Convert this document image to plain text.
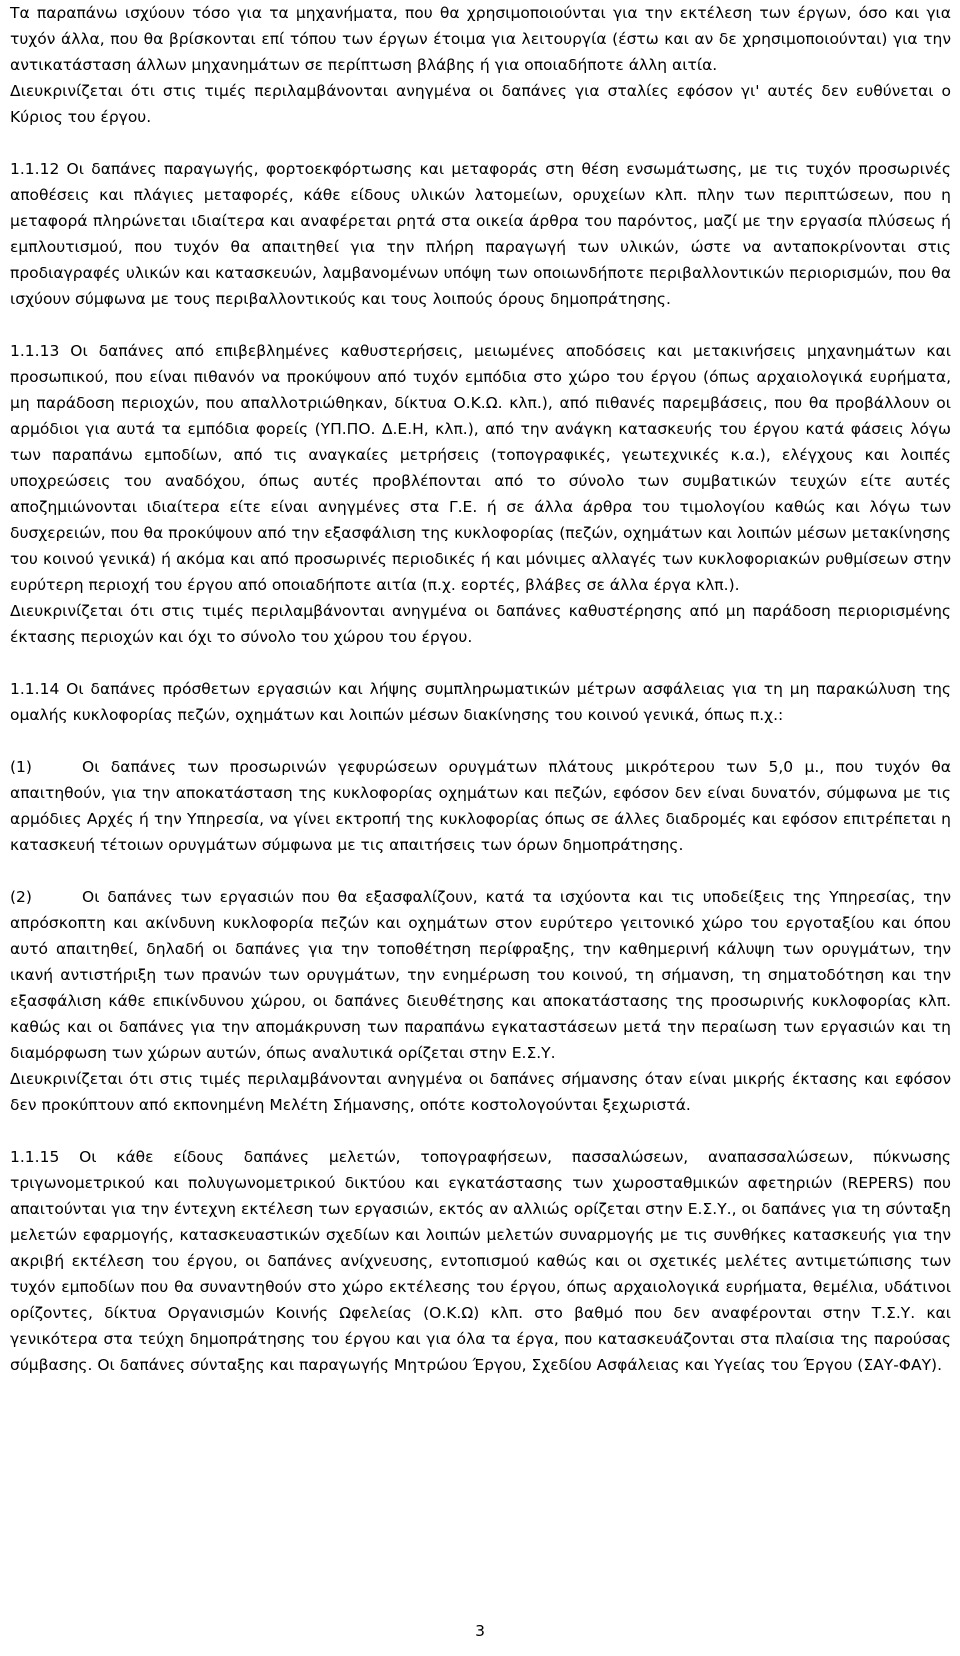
Τα παραπάνω ισχύουν τόσο για τα μηχανήματα, που θα χρησιμοποιούνται για την εκτέλεση των έργων, όσο και για τυχόν άλλα, που θα βρίσκονται επί τόπου των έργων έτοιμα για λειτουργία (έστω και αν δε χρησιμοποιούνται) για την αντικατάσταση άλλων μηχανημάτων σε περίπτωση βλάβης ή για οποιαδήποτε άλλη αιτία.

Διευκρινίζεται ότι στις τιμές περιλαμβάνονται ανηγμένα οι δαπάνες για σταλίες εφόσον γι' αυτές δεν ευθύνεται ο Κύριος του έργου.

1.1.12 Οι δαπάνες παραγωγής, φορτοεκφόρτωσης και μεταφοράς στη θέση ενσωμάτωσης, με τις τυχόν προσωρινές αποθέσεις και πλάγιες μεταφορές, κάθε είδους υλικών λατομείων, ορυχείων κλπ. πλην των περιπτώσεων, που η μεταφορά πληρώνεται ιδιαίτερα και αναφέρεται ρητά στα οικεία άρθρα του παρόντος, μαζί με την εργασία πλύσεως ή εμπλουτισμού, που τυχόν θα απαιτηθεί για την πλήρη παραγωγή των υλικών, ώστε να ανταποκρίνονται στις προδιαγραφές υλικών και κατασκευών, λαμβανομένων υπόψη των οποιωνδήποτε περιβαλλοντικών περιορισμών, που θα ισχύουν σύμφωνα με τους περιβαλλοντικούς και τους λοιπούς όρους δημοπράτησης.

1.1.13 Οι δαπάνες από επιβεβλημένες καθυστερήσεις, μειωμένες αποδόσεις και μετακινήσεις μηχανημάτων και προσωπικού, που είναι πιθανόν να προκύψουν από τυχόν εμπόδια στο χώρο του έργου (όπως αρχαιολογικά ευρήματα, μη παράδοση περιοχών, που απαλλοτριώθηκαν, δίκτυα Ο.Κ.Ω. κλπ.), από πιθανές παρεμβάσεις, που θα προβάλλουν οι αρμόδιοι για αυτά τα εμπόδια φορείς (ΥΠ.ΠΟ. Δ.Ε.Η, κλπ.), από την ανάγκη κατασκευής του έργου κατά φάσεις λόγω των παραπάνω εμποδίων, από τις αναγκαίες μετρήσεις (τοπογραφικές, γεωτεχνικές κ.α.), ελέγχους και λοιπές υποχρεώσεις του αναδόχου, όπως αυτές προβλέπονται από το σύνολο των συμβατικών τευχών είτε αυτές αποζημιώνονται ιδιαίτερα είτε είναι ανηγμένες στα Γ.Ε. ή σε άλλα άρθρα του τιμολογίου καθώς και λόγω των δυσχερειών, που θα προκύψουν από την εξασφάλιση της κυκλοφορίας (πεζών, οχημάτων και λοιπών μέσων μετακίνησης του κοινού γενικά) ή ακόμα και από προσωρινές περιοδικές ή και μόνιμες αλλαγές των κυκλοφοριακών ρυθμίσεων στην ευρύτερη περιοχή του έργου από οποιαδήποτε αιτία (π.χ. εορτές, βλάβες σε άλλα έργα κλπ.).

Διευκρινίζεται ότι στις τιμές περιλαμβάνονται ανηγμένα οι δαπάνες καθυστέρησης από μη παράδοση περιορισμένης έκτασης περιοχών και όχι το σύνολο του χώρου του έργου.

1.1.14 Οι δαπάνες πρόσθετων εργασιών και λήψης συμπληρωματικών μέτρων ασφάλειας για τη μη παρακώλυση της ομαλής κυκλοφορίας πεζών, οχημάτων και λοιπών μέσων διακίνησης του κοινού γενικά, όπως π.χ.:

(1)	Οι δαπάνες των προσωρινών γεφυρώσεων ορυγμάτων πλάτους μικρότερου των 5,0 μ., που τυχόν θα απαιτηθούν, για την αποκατάσταση της κυκλοφορίας οχημάτων και πεζών, εφόσον δεν είναι δυνατόν, σύμφωνα με τις αρμόδιες Αρχές ή την Υπηρεσία, να γίνει εκτροπή της κυκλοφορίας όπως σε άλλες διαδρομές και εφόσον επιτρέπεται η κατασκευή τέτοιων ορυγμάτων σύμφωνα με τις απαιτήσεις των όρων δημοπράτησης.

(2)	Οι δαπάνες των εργασιών που θα εξασφαλίζουν, κατά τα ισχύοντα και τις υποδείξεις της Υπηρεσίας, την απρόσκοπτη και ακίνδυνη κυκλοφορία πεζών και οχημάτων στον ευρύτερο γειτονικό χώρο του εργοταξίου και όπου αυτό απαιτηθεί, δηλαδή οι δαπάνες για την τοποθέτηση περίφραξης, την καθημερινή κάλυψη των ορυγμάτων, την ικανή αντιστήριξη των πρανών των ορυγμάτων, την ενημέρωση του κοινού, τη σήμανση, τη σηματοδότηση και την εξασφάλιση κάθε επικίνδυνου χώρου, οι δαπάνες διευθέτησης και αποκατάστασης της προσωρινής κυκλοφορίας κλπ. καθώς και οι δαπάνες για την απομάκρυνση των παραπάνω εγκαταστάσεων μετά την περαίωση των εργασιών και τη διαμόρφωση των χώρων αυτών, όπως αναλυτικά ορίζεται στην Ε.Σ.Υ.

Διευκρινίζεται ότι στις τιμές περιλαμβάνονται ανηγμένα οι δαπάνες σήμανσης όταν είναι μικρής έκτασης και εφόσον δεν προκύπτουν από εκπονημένη Μελέτη Σήμανσης, οπότε κοστολογούνται ξεχωριστά.

1.1.15 Οι κάθε είδους δαπάνες μελετών, τοπογραφήσεων, πασσαλώσεων, αναπασσαλώσεων, πύκνωσης τριγωνομετρικού και πολυγωνομετρικού δικτύου και εγκατάστασης των χωροσταθμικών αφετηριών (REPERS) που απαιτούνται για την έντεχνη εκτέλεση των εργασιών, εκτός αν αλλιώς ορίζεται στην Ε.Σ.Υ., οι δαπάνες για τη σύνταξη μελετών εφαρμογής, κατασκευαστικών σχεδίων και λοιπών μελετών συναρμογής με τις συνθήκες κατασκευής για την ακριβή εκτέλεση του έργου, οι δαπάνες ανίχνευσης, εντοπισμού καθώς και οι σχετικές μελέτες αντιμετώπισης των τυχόν εμποδίων που θα συναντηθούν στο χώρο εκτέλεσης του έργου, όπως αρχαιολογικά ευρήματα, θεμέλια, υδάτινοι ορίζοντες, δίκτυα Οργανισμών Κοινής Ωφελείας (Ο.Κ.Ω) κλπ. στο βαθμό που δεν αναφέρονται στην Τ.Σ.Υ. και γενικότερα στα τεύχη δημοπράτησης του έργου και για όλα τα έργα, που κατασκευάζονται στα πλαίσια της παρούσας σύμβασης. Οι δαπάνες σύνταξης και παραγωγής Μητρώου Έργου, Σχεδίου Ασφάλειας και Υγείας του Έργου (ΣΑΥ-ΦΑΥ).

3
